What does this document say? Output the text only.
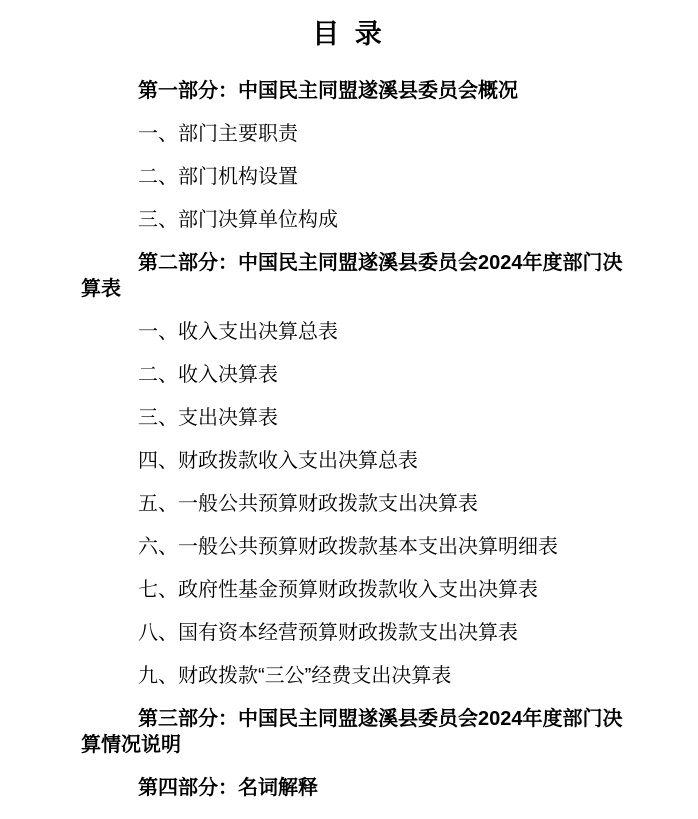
目 录

第一部分：中国民主同盟遂溪县委员会概况

一、部门主要职责

二、部门机构设置

三、部门决算单位构成

第二部分：中国民主同盟遂溪县委员会2024年度部门决算表

一、收入支出决算总表

二、收入决算表

三、支出决算表

四、财政拨款收入支出决算总表

五、一般公共预算财政拨款支出决算表

六、一般公共预算财政拨款基本支出决算明细表

七、政府性基金预算财政拨款收入支出决算表

八、国有资本经营预算财政拨款支出决算表

九、财政拨款“三公”经费支出决算表

第三部分：中国民主同盟遂溪县委员会2024年度部门决算情况说明

第四部分：名词解释
